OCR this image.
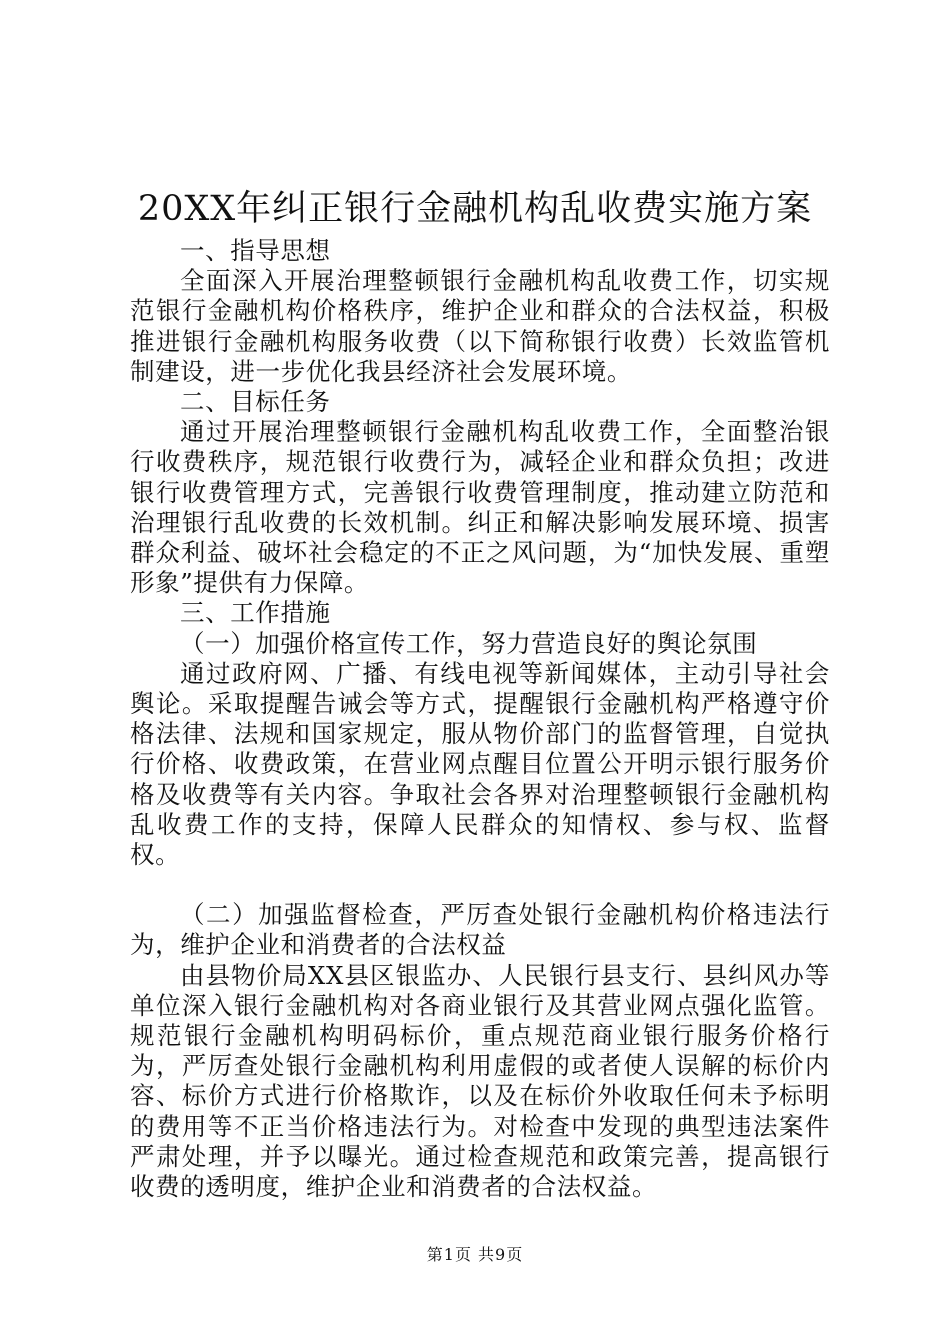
20XX年纠正银行金融机构乱收费实施方案

一、指导思想

全面深入开展治理整顿银行金融机构乱收费工作，切实规范银行金融机构价格秩序，维护企业和群众的合法权益，积极推进银行金融机构服务收费（以下简称银行收费）长效监管机制建设，进一步优化我县经济社会发展环境。

二、目标任务

通过开展治理整顿银行金融机构乱收费工作，全面整治银行收费秩序，规范银行收费行为，减轻企业和群众负担；改进银行收费管理方式，完善银行收费管理制度，推动建立防范和治理银行乱收费的长效机制。纠正和解决影响发展环境、损害群众利益、破坏社会稳定的不正之风问题，为“加快发展、重塑形象”提供有力保障。

三、工作措施

（一）加强价格宣传工作，努力营造良好的舆论氛围

通过政府网、广播、有线电视等新闻媒体，主动引导社会舆论。采取提醒告诫会等方式，提醒银行金融机构严格遵守价格法律、法规和国家规定，服从物价部门的监督管理，自觉执行价格、收费政策，在营业网点醒目位置公开明示银行服务价格及收费等有关内容。争取社会各界对治理整顿银行金融机构乱收费工作的支持，保障人民群众的知情权、参与权、监督权。

（二）加强监督检查，严厉查处银行金融机构价格违法行为，维护企业和消费者的合法权益

由县物价局XX县区银监办、人民银行县支行、县纠风办等单位深入银行金融机构对各商业银行及其营业网点强化监管。规范银行金融机构明码标价，重点规范商业银行服务价格行为，严厉查处银行金融机构利用虚假的或者使人误解的标价内容、标价方式进行价格欺诈，以及在标价外收取任何未予标明的费用等不正当价格违法行为。对检查中发现的典型违法案件严肃处理，并予以曝光。通过检查规范和政策完善，提高银行收费的透明度，维护企业和消费者的合法权益。

第1页 共9页
